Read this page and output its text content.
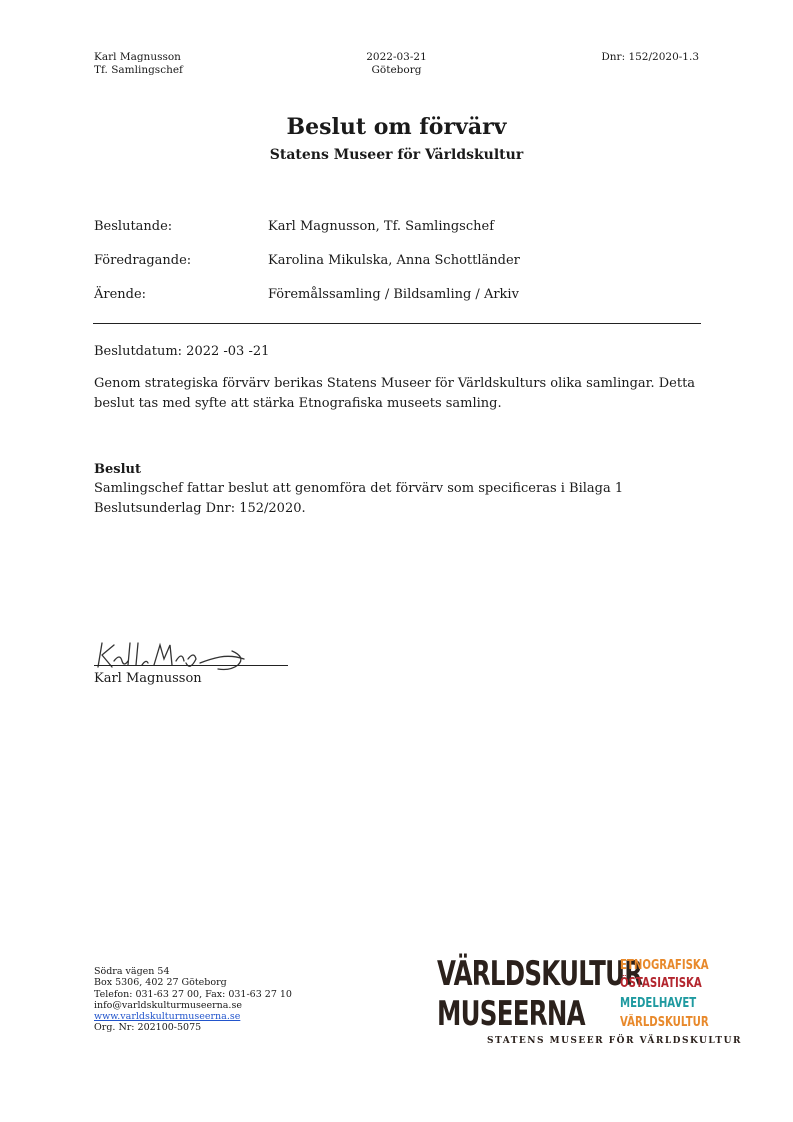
Karl Magnusson
Tf. Samlingschef
2022-03-21
Göteborg
Dnr: 152/2020-1.3
Beslut om förvärv
Statens Museer för Världskultur
Beslutande:	Karl Magnusson, Tf. Samlingschef
Föredragande:	Karolina Mikulska, Anna Schottländer
Ärende:	Föremålssamling / Bildsamling / Arkiv
Beslutdatum: 2022 -03 -21
Genom strategiska förvärv berikas Statens Museer för Världskulturs olika samlingar. Detta beslut tas med syfte att stärka Etnografiska museets samling.
Beslut
Samlingschef fattar beslut att genomföra det förvärv som specificeras i Bilaga 1 Beslutsunderlag Dnr: 152/2020.
Karl Magnusson
Södra vägen 54
Box 5306, 402 27 Göteborg
Telefon: 031-63 27 00, Fax: 031-63 27 10
info@varldskulturmuseerna.se
www.varldskulturmuseerna.se
Org. Nr: 202100-5075
VÄRLDSKULTUR
MUSEERNA
ETNOGRAFISKA
ÖSTASIATISKA
MEDELHAVET
VÄRLDSKULTUR
STATENS MUSEER FÖR VÄRLDSKULTUR
